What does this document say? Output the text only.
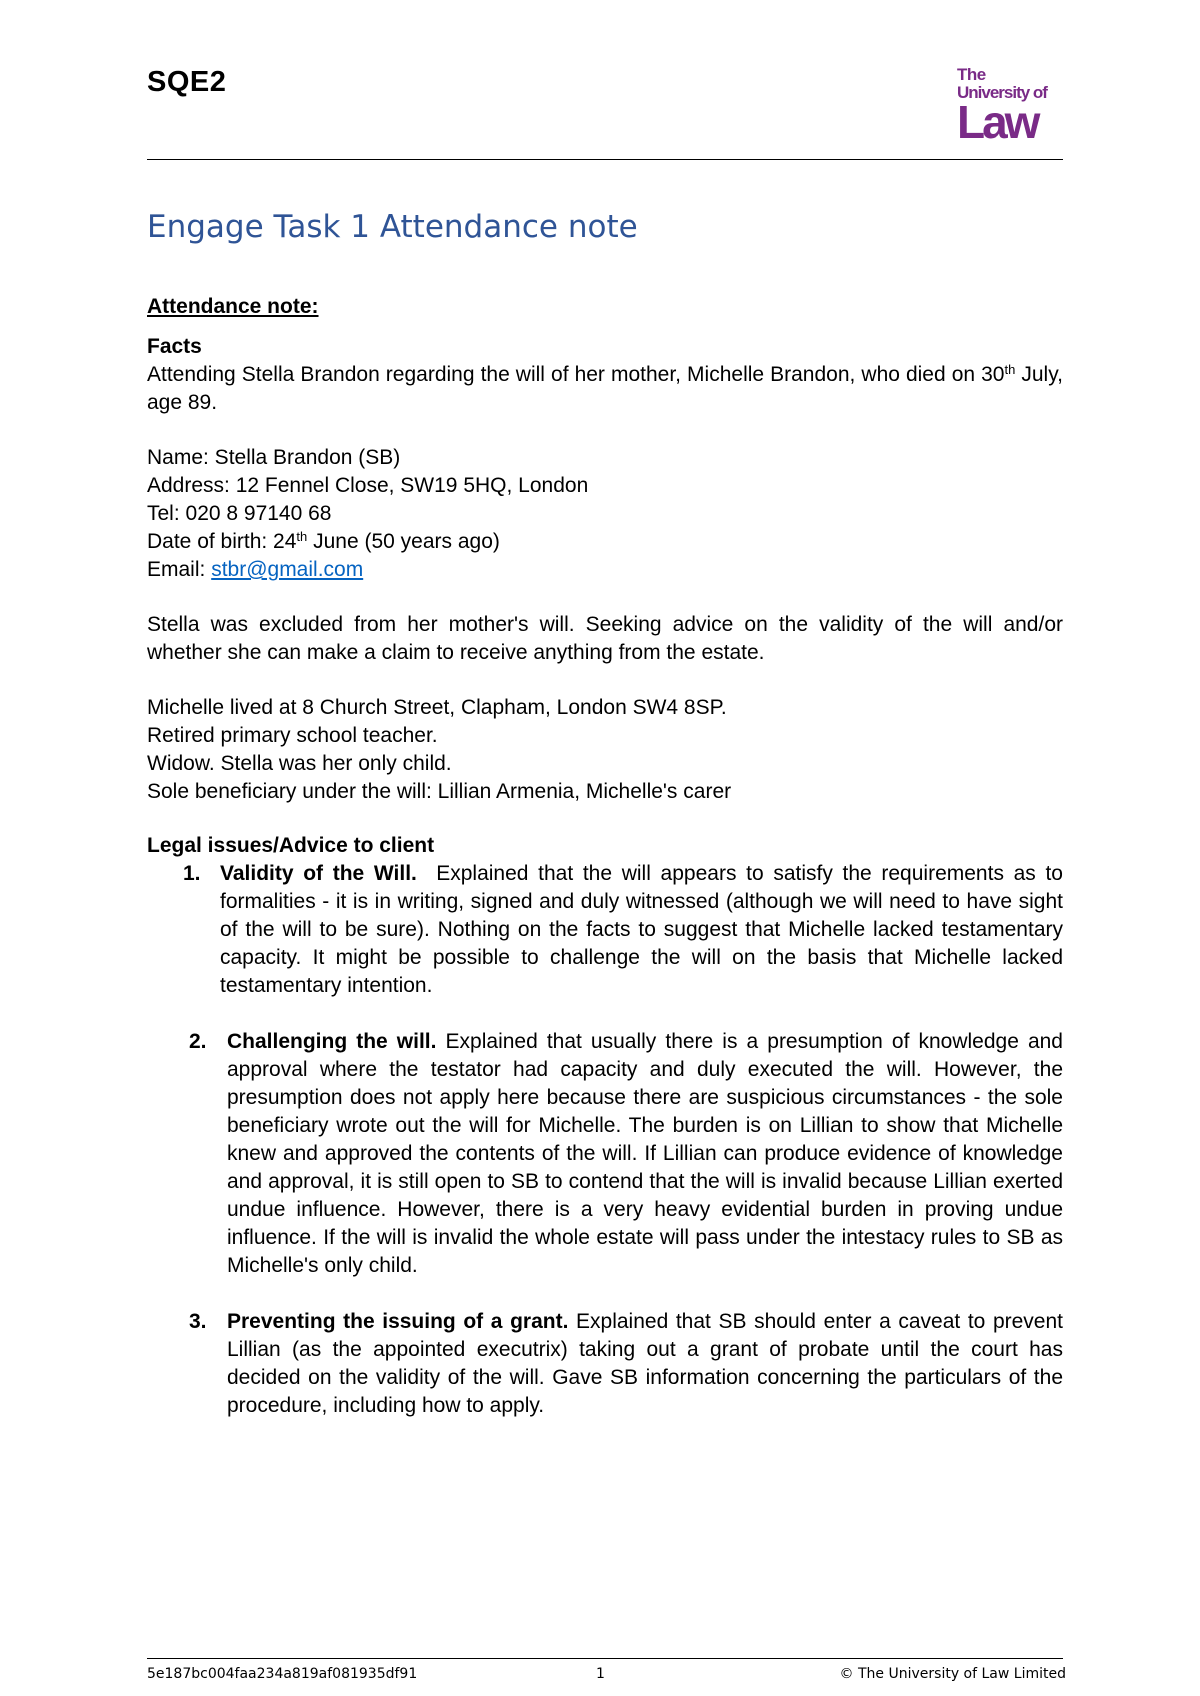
SQE2	The
University of
Law
Engage Task 1 Attendance note
Attendance note:
Facts
Attending Stella Brandon regarding the will of her mother, Michelle Brandon, who died on 30th July, age 89.
Name: Stella Brandon (SB)
Address: 12 Fennel Close, SW19 5HQ, London
Tel: 020 8 97140 68
Date of birth: 24th June (50 years ago)
Email: stbr@gmail.com
Stella was excluded from her mother's will. Seeking advice on the validity of the will and/or whether she can make a claim to receive anything from the estate.
Michelle lived at 8 Church Street, Clapham, London SW4 8SP.
Retired primary school teacher.
Widow. Stella was her only child.
Sole beneficiary under the will: Lillian Armenia, Michelle's carer
Legal issues/Advice to client
1. Validity of the Will.  Explained that the will appears to satisfy the requirements as to formalities - it is in writing, signed and duly witnessed (although we will need to have sight of the will to be sure). Nothing on the facts to suggest that Michelle lacked testamentary capacity. It might be possible to challenge the will on the basis that Michelle lacked testamentary intention.
2. Challenging the will. Explained that usually there is a presumption of knowledge and approval where the testator had capacity and duly executed the will. However, the presumption does not apply here because there are suspicious circumstances - the sole beneficiary wrote out the will for Michelle. The burden is on Lillian to show that Michelle knew and approved the contents of the will. If Lillian can produce evidence of knowledge and approval, it is still open to SB to contend that the will is invalid because Lillian exerted undue influence. However, there is a very heavy evidential burden in proving undue influence. If the will is invalid the whole estate will pass under the intestacy rules to SB as Michelle's only child.
3. Preventing the issuing of a grant. Explained that SB should enter a caveat to prevent Lillian (as the appointed executrix) taking out a grant of probate until the court has decided on the validity of the will. Gave SB information concerning the particulars of the procedure, including how to apply.
5e187bc004faa234a819af081935df91	1	© The University of Law Limited
